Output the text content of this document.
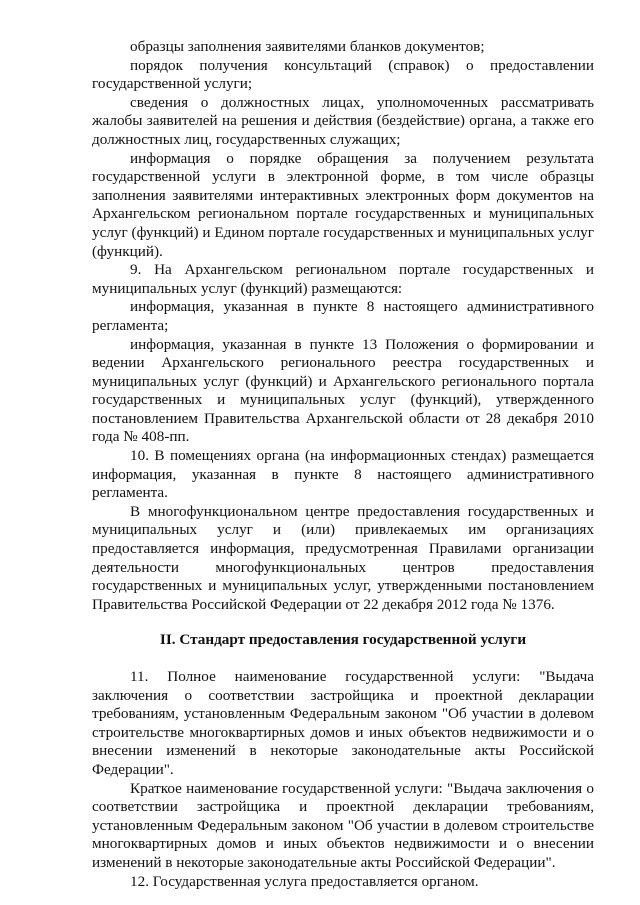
образцы заполнения заявителями бланков документов;

порядок получения консультаций (справок) о предоставлении государственной услуги;

сведения о должностных лицах, уполномоченных рассматривать жалобы заявителей на решения и действия (бездействие) органа, а также его должностных лиц, государственных служащих;

информация о порядке обращения за получением результата государственной услуги в электронной форме, в том числе образцы заполнения заявителями интерактивных электронных форм документов на Архангельском региональном портале государственных и муниципальных услуг (функций) и Едином портале государственных и муниципальных услуг (функций).

9. На Архангельском региональном портале государственных и муниципальных услуг (функций) размещаются:

информация, указанная в пункте 8 настоящего административного регламента;

информация, указанная в пункте 13 Положения о формировании и ведении Архангельского регионального реестра государственных и муниципальных услуг (функций) и Архангельского регионального портала государственных и муниципальных услуг (функций), утвержденного постановлением Правительства Архангельской области от 28 декабря 2010 года № 408-пп.

10. В помещениях органа (на информационных стендах) размещается информация, указанная в пункте 8 настоящего административного регламента.

В многофункциональном центре предоставления государственных и муниципальных услуг и (или) привлекаемых им организациях предоставляется информация, предусмотренная Правилами организации деятельности многофункциональных центров предоставления государственных и муниципальных услуг, утвержденными постановлением Правительства Российской Федерации от 22 декабря 2012 года № 1376.

II. Стандарт предоставления государственной услуги

11. Полное наименование государственной услуги: "Выдача заключения о соответствии застройщика и проектной декларации требованиям, установленным Федеральным законом "Об участии в долевом строительстве многоквартирных домов и иных объектов недвижимости и о внесении изменений в некоторые законодательные акты Российской Федерации".

Краткое наименование государственной услуги: "Выдача заключения о соответствии застройщика и проектной декларации требованиям, установленным Федеральным законом "Об участии в долевом строительстве многоквартирных домов и иных объектов недвижимости и о внесении изменений в некоторые законодательные акты Российской Федерации".

12. Государственная услуга предоставляется органом.
